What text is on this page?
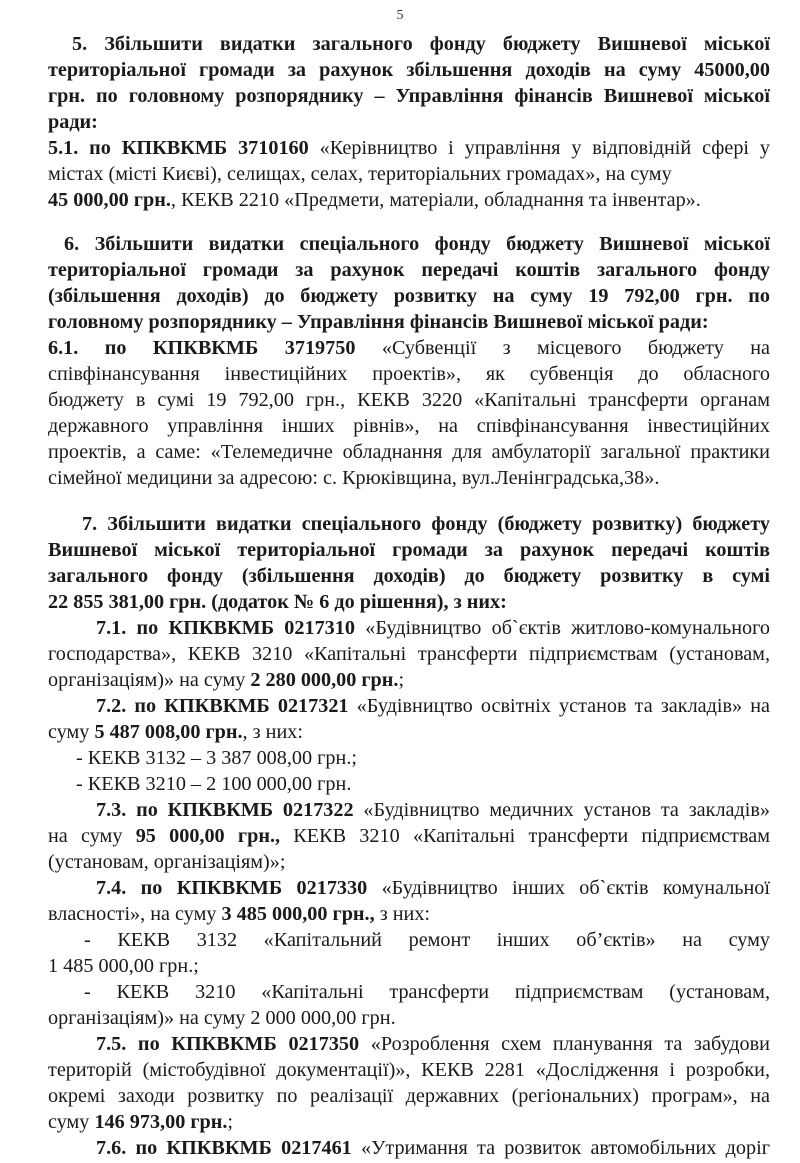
5
5. Збільшити видатки загального фонду бюджету Вишневої міської
територіальної громади за рахунок збільшення доходів на суму 45000,00
грн. по головному розпоряднику – Управління фінансів Вишневої міської
ради:
5.1. по КПКВКМБ 3710160 «Керівництво і управління у відповідній сфері у
містах (місті Києві), селищах, селах, територіальних громадах», на суму
45 000,00 грн., КЕКВ 2210 «Предмети, матеріали, обладнання та інвентар».
6. Збільшити видатки спеціального фонду бюджету Вишневої міської
територіальної громади за рахунок передачі коштів загального фонду
(збільшення доходів) до бюджету розвитку на суму 19 792,00 грн. по
головному розпоряднику – Управління фінансів Вишневої міської ради:
6.1. по КПКВКМБ 3719750 «Субвенції з місцевого бюджету на
співфінансування інвестиційних проектів», як субвенція до обласного
бюджету в сумі 19 792,00 грн., КЕКВ 3220 «Капітальні трансферти органам
державного управління інших рівнів», на співфінансування інвестиційних
проектів, а саме: «Телемедичне обладнання для амбулаторії загальної практики
сімейної медицини за адресою: с. Крюківщина, вул.Ленінградська,38».
7. Збільшити видатки спеціального фонду (бюджету розвитку) бюджету
Вишневої міської територіальної громади за рахунок передачі коштів
загального фонду (збільшення доходів) до бюджету розвитку в сумі
22 855 381,00 грн. (додаток № 6 до рішення), з них:
7.1. по КПКВКМБ 0217310 «Будівництво об`єктів житлово-комунального
господарства», КЕКВ 3210 «Капітальні трансферти підприємствам (установам,
організаціям)» на суму 2 280 000,00 грн.;
7.2. по КПКВКМБ 0217321 «Будівництво освітніх установ та закладів» на
суму 5 487 008,00 грн., з них:
- КЕКВ 3132 – 3 387 008,00 грн.;
- КЕКВ 3210 – 2 100 000,00 грн.
7.3. по КПКВКМБ 0217322 «Будівництво медичних установ та закладів»
на суму 95 000,00 грн., КЕКВ 3210 «Капітальні трансферти підприємствам
(установам, організаціям)»;
7.4. по КПКВКМБ 0217330 «Будівництво інших об`єктів комунальної
власності», на суму 3 485 000,00 грн., з них:
- КЕКВ 3132 «Капітальний ремонт інших об’єктів» на суму
1 485 000,00 грн.;
- КЕКВ 3210 «Капітальні трансферти підприємствам (установам,
організаціям)» на суму 2 000 000,00 грн.
7.5. по КПКВКМБ 0217350 «Розроблення схем планування та забудови
територій (містобудівної документації)», КЕКВ 2281 «Дослідження і розробки,
окремі заходи розвитку по реалізації державних (регіональних) програм», на
суму 146 973,00 грн.;
7.6. по КПКВКМБ 0217461 «Утримання та розвиток автомобільних доріг
